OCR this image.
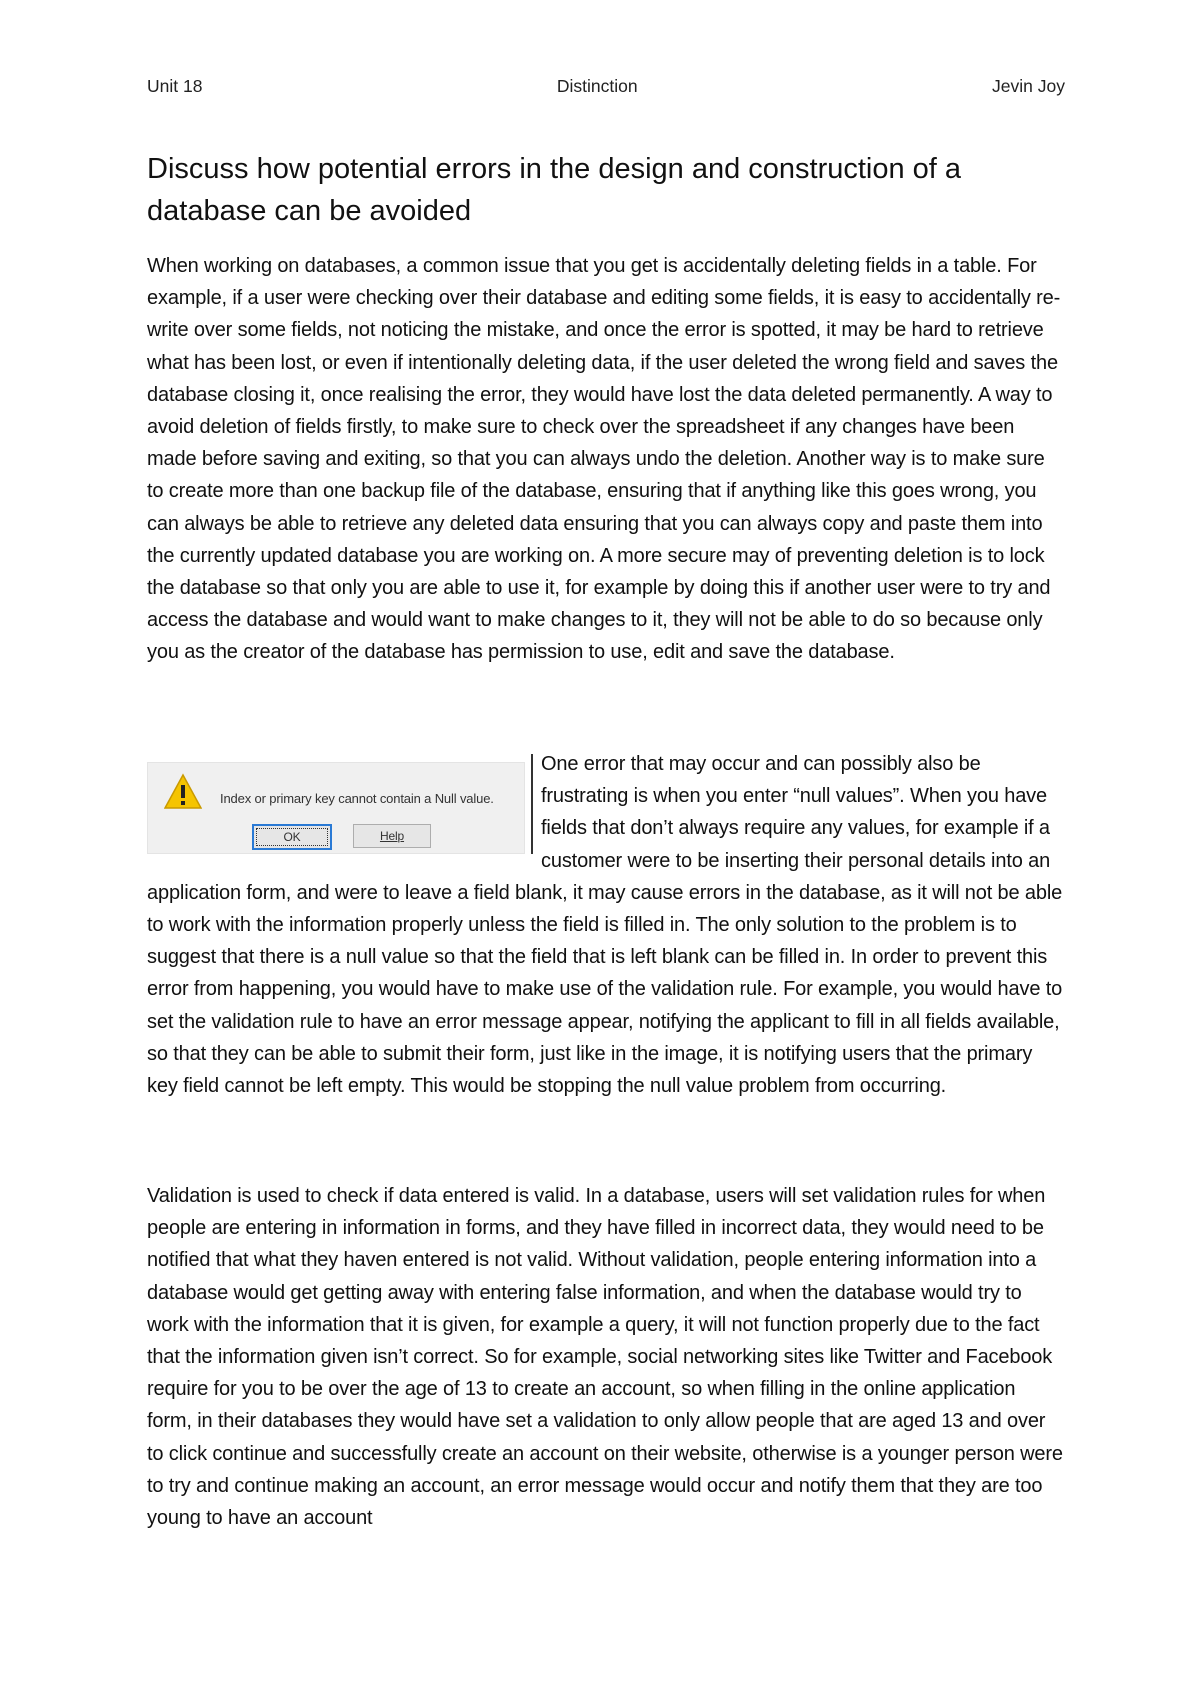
Unit 18	Distinction	Jevin Joy
Discuss how potential errors in the design and construction of a database can be avoided

When working on databases, a common issue that you get is accidentally deleting fields in a table. For example, if a user were checking over their database and editing some fields, it is easy to accidentally re-write over some fields, not noticing the mistake, and once the error is spotted, it may be hard to retrieve what has been lost, or even if intentionally deleting data, if the user deleted the wrong field and saves the database closing it, once realising the error, they would have lost the data deleted permanently. A way to avoid deletion of fields firstly, to make sure to check over the spreadsheet if any changes have been made before saving and exiting, so that you can always undo the deletion. Another way is to make sure to create more than one backup file of the database, ensuring that if anything like this goes wrong, you can always be able to retrieve any deleted data ensuring that you can always copy and paste them into the currently updated database you are working on. A more secure may of preventing deletion is to lock the database so that only you are able to use it, for example by doing this if another user were to try and access the database and would want to make changes to it, they will not be able to do so because only you as the creator of the database has permission to use, edit and save the database.

Index or primary key cannot contain a Null value.
OK	Help
One error that may occur and can possibly also be frustrating is when you enter “null values”. When you have fields that don’t always require any values, for example if a customer were to be inserting their personal details into an application form, and were to leave a field blank, it may cause errors in the database, as it will not be able to work with the information properly unless the field is filled in. The only solution to the problem is to suggest that there is a null value so that the field that is left blank can be filled in. In order to prevent this error from happening, you would have to make use of the validation rule. For example, you would have to set the validation rule to have an error message appear, notifying the applicant to fill in all fields available, so that they can be able to submit their form, just like in the image, it is notifying users that the primary key field cannot be left empty. This would be stopping the null value problem from occurring.

Validation is used to check if data entered is valid. In a database, users will set validation rules for when people are entering in information in forms, and they have filled in incorrect data, they would need to be notified that what they haven entered is not valid. Without validation, people entering information into a database would get getting away with entering false information, and when the database would try to work with the information that it is given, for example a query, it will not function properly due to the fact that the information given isn’t correct. So for example, social networking sites like Twitter and Facebook require for you to be over the age of 13 to create an account, so when filling in the online application form, in their databases they would have set a validation to only allow people that are aged 13 and over to click continue and successfully create an account on their website, otherwise is a younger person were to try and continue making an account, an error message would occur and notify them that they are too young to have an account
